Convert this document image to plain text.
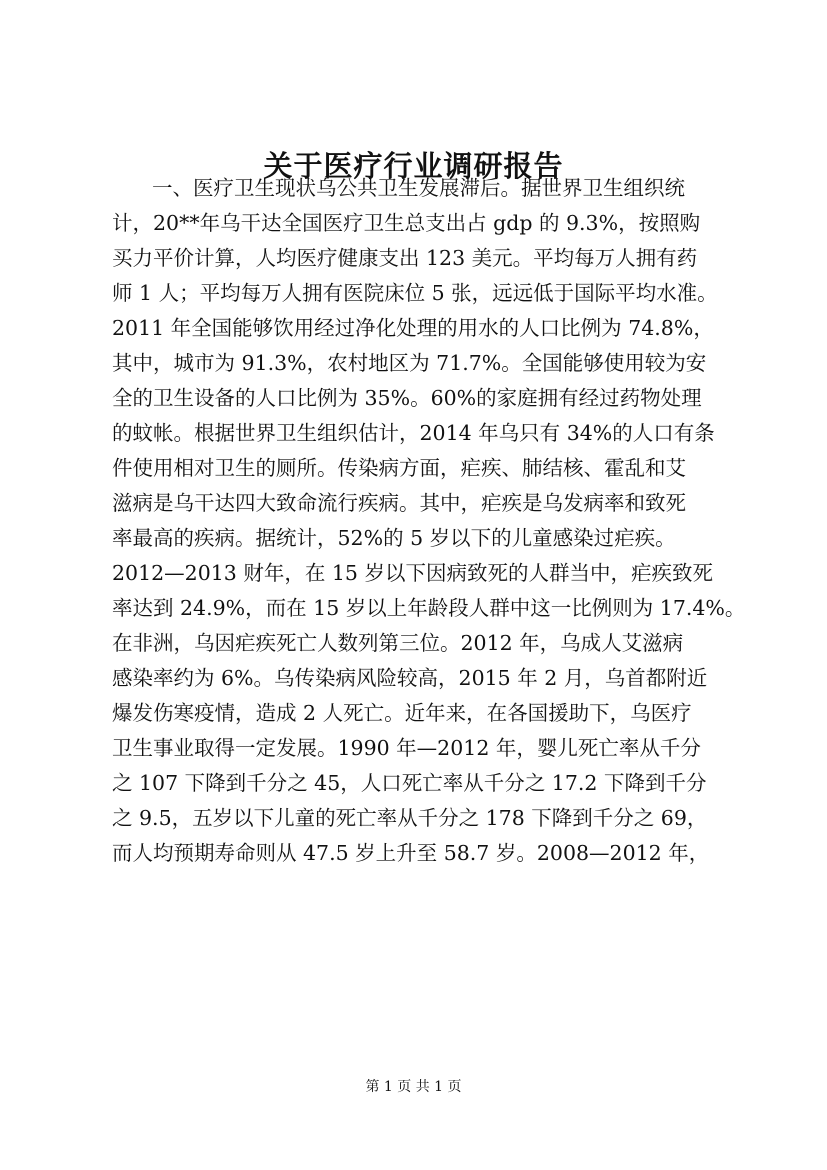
关于医疗行业调研报告
一、医疗卫生现状乌公共卫生发展滞后。据世界卫生组织统
计，20**年乌干达全国医疗卫生总支出占 gdp 的 9.3%，按照购
买力平价计算，人均医疗健康支出 123 美元。平均每万人拥有药
师 1 人；平均每万人拥有医院床位 5 张，远远低于国际平均水准。
2011 年全国能够饮用经过净化处理的用水的人口比例为 74.8%，
其中，城市为 91.3%，农村地区为 71.7%。全国能够使用较为安
全的卫生设备的人口比例为 35%。60%的家庭拥有经过药物处理
的蚊帐。根据世界卫生组织估计，2014 年乌只有 34%的人口有条
件使用相对卫生的厕所。传染病方面，疟疾、肺结核、霍乱和艾
滋病是乌干达四大致命流行疾病。其中，疟疾是乌发病率和致死
率最高的疾病。据统计，52%的 5 岁以下的儿童感染过疟疾。
2012—2013 财年，在 15 岁以下因病致死的人群当中，疟疾致死
率达到 24.9%，而在 15 岁以上年龄段人群中这一比例则为 17.4%。
在非洲，乌因疟疾死亡人数列第三位。2012 年，乌成人艾滋病
感染率约为 6%。乌传染病风险较高，2015 年 2 月，乌首都附近
爆发伤寒疫情，造成 2 人死亡。近年来，在各国援助下，乌医疗
卫生事业取得一定发展。1990 年—2012 年，婴儿死亡率从千分
之 107 下降到千分之 45，人口死亡率从千分之 17.2 下降到千分
之 9.5，五岁以下儿童的死亡率从千分之 178 下降到千分之 69，
而人均预期寿命则从 47.5 岁上升至 58.7 岁。2008—2012 年，
第 1 页 共 1 页
